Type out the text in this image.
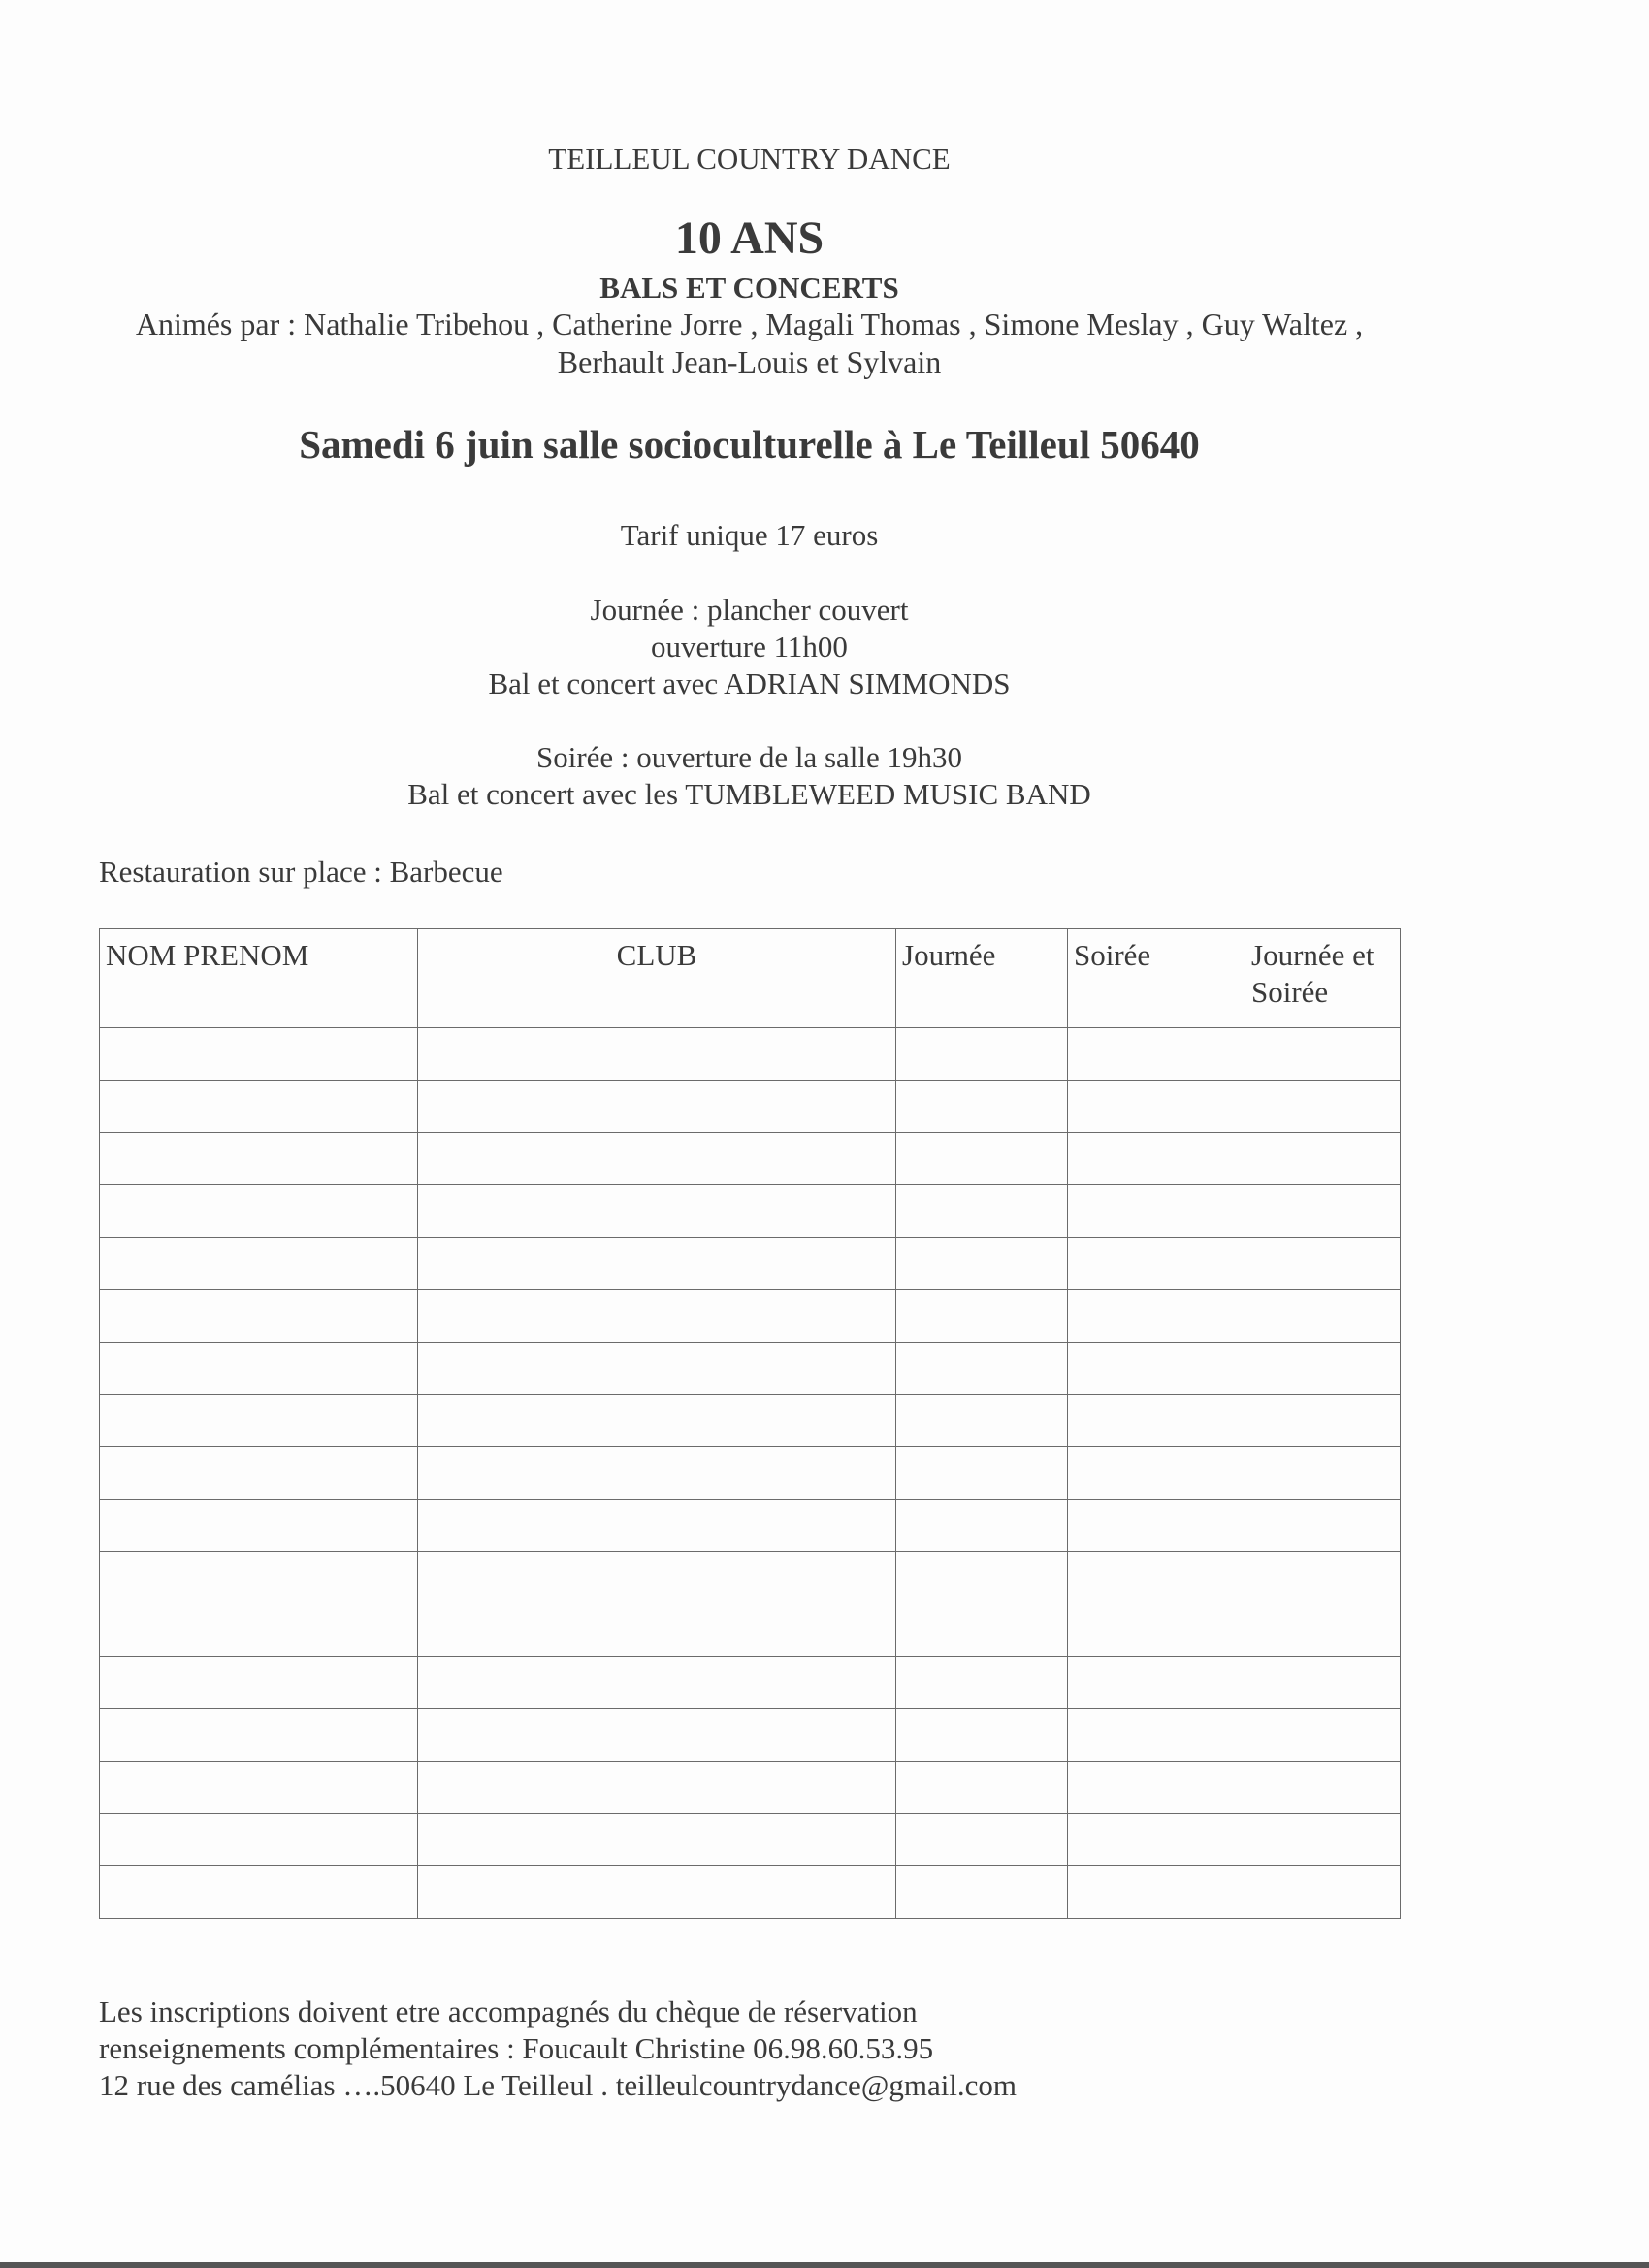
TEILLEUL COUNTRY DANCE
10 ANS
BALS ET CONCERTS
Animés par : Nathalie Tribehou , Catherine Jorre , Magali Thomas , Simone Meslay , Guy Waltez ,
Berhault Jean-Louis et Sylvain
Samedi 6 juin salle socioculturelle à Le Teilleul 50640
Tarif unique 17 euros
Journée : plancher couvert
ouverture 11h00
Bal et concert avec ADRIAN SIMMONDS
Soirée : ouverture de la salle 19h30
Bal et concert avec les TUMBLEWEED MUSIC BAND
Restauration sur place : Barbecue
NOM PRENOM	CLUB	Journée	Soirée	Journée et Soirée

Les inscriptions doivent etre accompagnés du chèque de réservation
renseignements complémentaires : Foucault Christine 06.98.60.53.95
12 rue des camélias ….50640 Le Teilleul . teilleulcountrydance@gmail.com
